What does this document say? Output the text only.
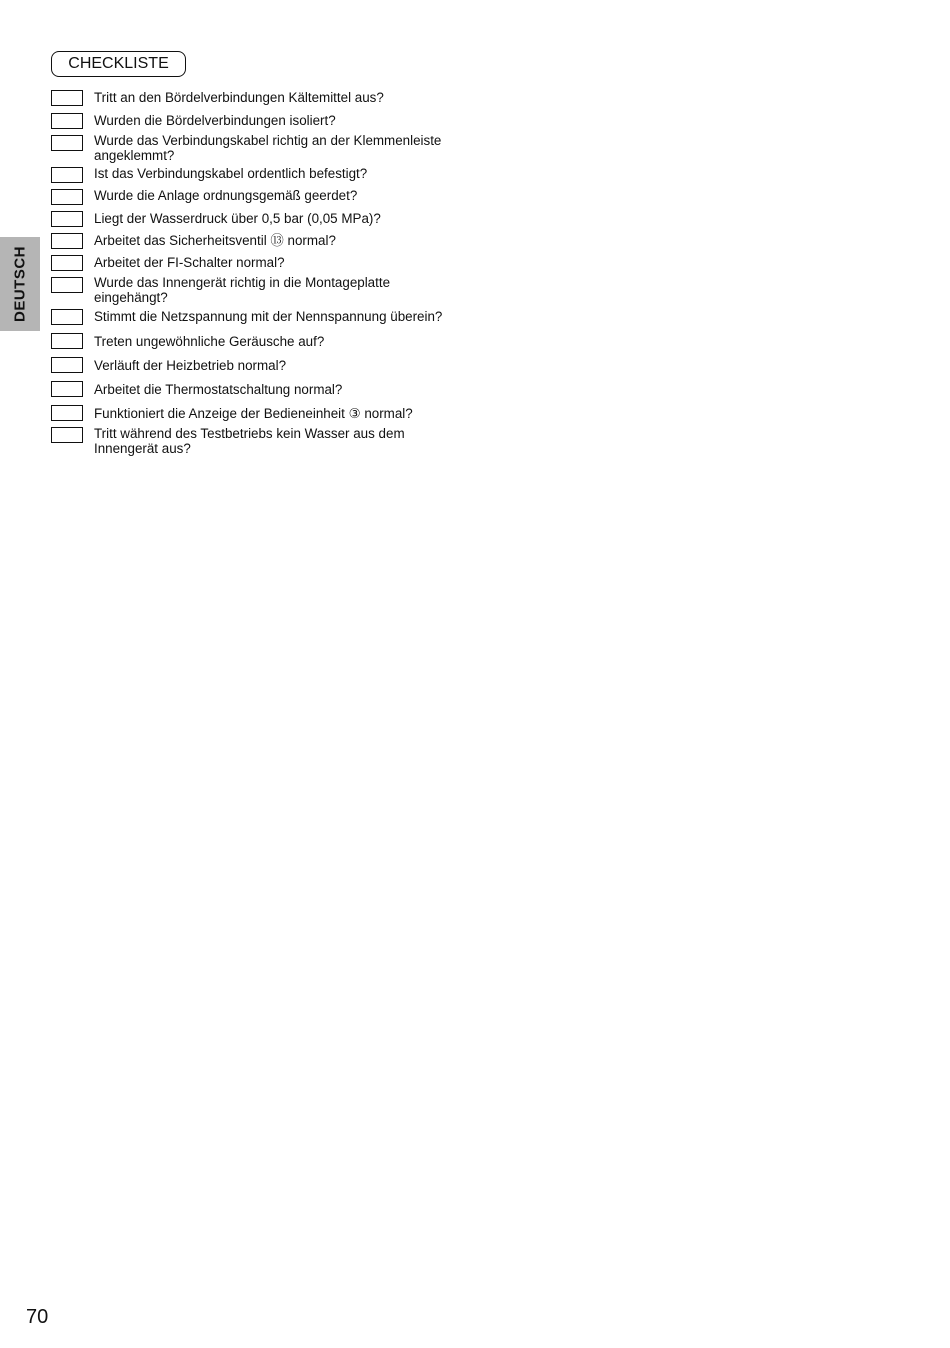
DEUTSCH
CHECKLISTE
Tritt an den Bördelverbindungen Kältemittel aus?
Wurden die Bördelverbindungen isoliert?
Wurde das Verbindungskabel richtig an der Klemmenleiste angeklemmt?
Ist das Verbindungskabel ordentlich befestigt?
Wurde die Anlage ordnungsgemäß geerdet?
Liegt der Wasserdruck über 0,5 bar (0,05 MPa)?
Arbeitet das Sicherheitsventil ⑬ normal?
Arbeitet der FI-Schalter normal?
Wurde das Innengerät richtig in die Montageplatte eingehängt?
Stimmt die Netzspannung mit der Nennspannung überein?
Treten ungewöhnliche Geräusche auf?
Verläuft der Heizbetrieb normal?
Arbeitet die Thermostatschaltung normal?
Funktioniert die Anzeige der Bedieneinheit ③ normal?
Tritt während des Testbetriebs kein Wasser aus dem Innengerät aus?
70
